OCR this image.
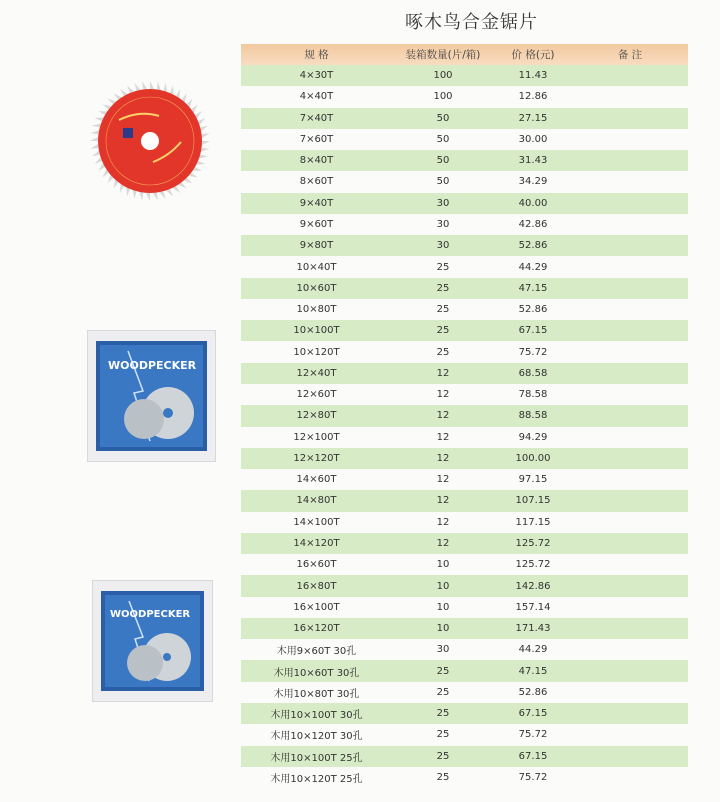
啄木鸟合金锯片
WOODPECKER
WOODPECKER
规 格	装箱数量(片/箱)	价 格(元)	备 注
4×30T	100	11.43
4×40T	100	12.86
7×40T	50	27.15
7×60T	50	30.00
8×40T	50	31.43
8×60T	50	34.29
9×40T	30	40.00
9×60T	30	42.86
9×80T	30	52.86
10×40T	25	44.29
10×60T	25	47.15
10×80T	25	52.86
10×100T	25	67.15
10×120T	25	75.72
12×40T	12	68.58
12×60T	12	78.58
12×80T	12	88.58
12×100T	12	94.29
12×120T	12	100.00
14×60T	12	97.15
14×80T	12	107.15
14×100T	12	117.15
14×120T	12	125.72
16×60T	10	125.72
16×80T	10	142.86
16×100T	10	157.14
16×120T	10	171.43
木用9×60T 30孔	30	44.29
木用10×60T 30孔	25	47.15
木用10×80T 30孔	25	52.86
木用10×100T 30孔	25	67.15
木用10×120T 30孔	25	75.72
木用10×100T 25孔	25	67.15
木用10×120T 25孔	25	75.72
